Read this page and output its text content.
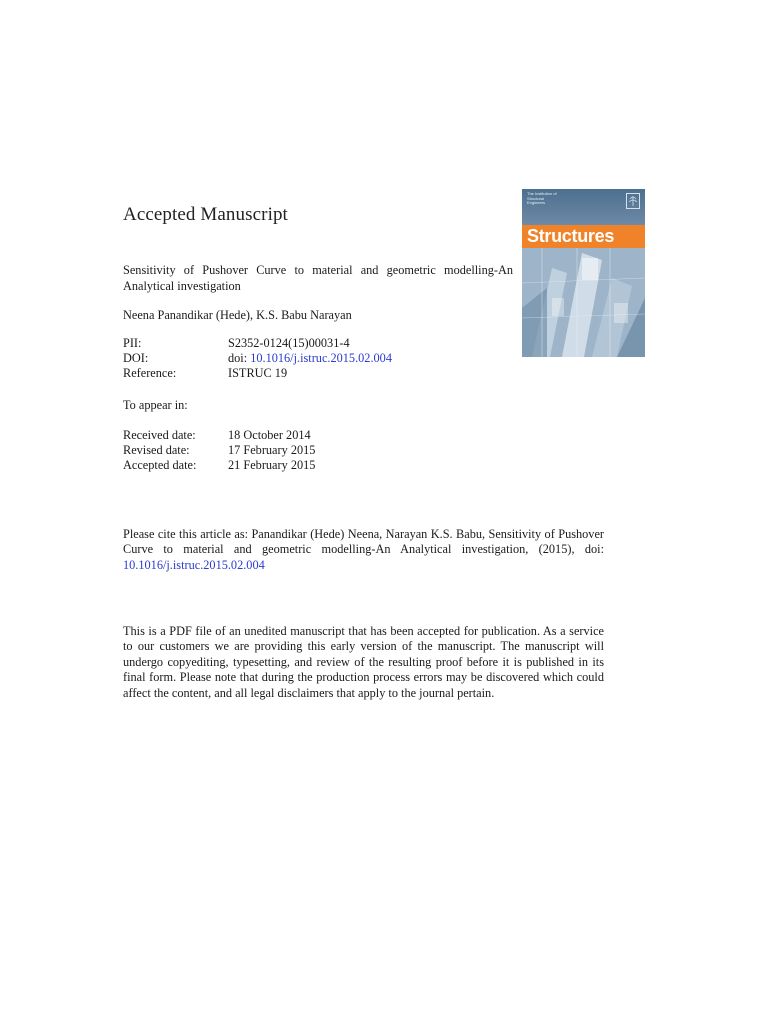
Accepted Manuscript
The Institution of
Structural
Engineers
Structures
Sensitivity of Pushover Curve to material and geometric modelling-An Analytical investigation
Neena Panandikar (Hede), K.S. Babu Narayan
PII:	S2352-0124(15)00031-4
DOI:	doi: 10.1016/j.istruc.2015.02.004
Reference:	ISTRUC 19
To appear in:
Received date:	18 October 2014
Revised date:	17 February 2015
Accepted date:	21 February 2015
Please cite this article as: Panandikar (Hede) Neena, Narayan K.S. Babu, Sensitivity of Pushover Curve to material and geometric modelling-An Analytical investigation, (2015), doi: 10.1016/j.istruc.2015.02.004
This is a PDF file of an unedited manuscript that has been accepted for publication. As a service to our customers we are providing this early version of the manuscript. The manuscript will undergo copyediting, typesetting, and review of the resulting proof before it is published in its final form. Please note that during the production process errors may be discovered which could affect the content, and all legal disclaimers that apply to the journal pertain.
